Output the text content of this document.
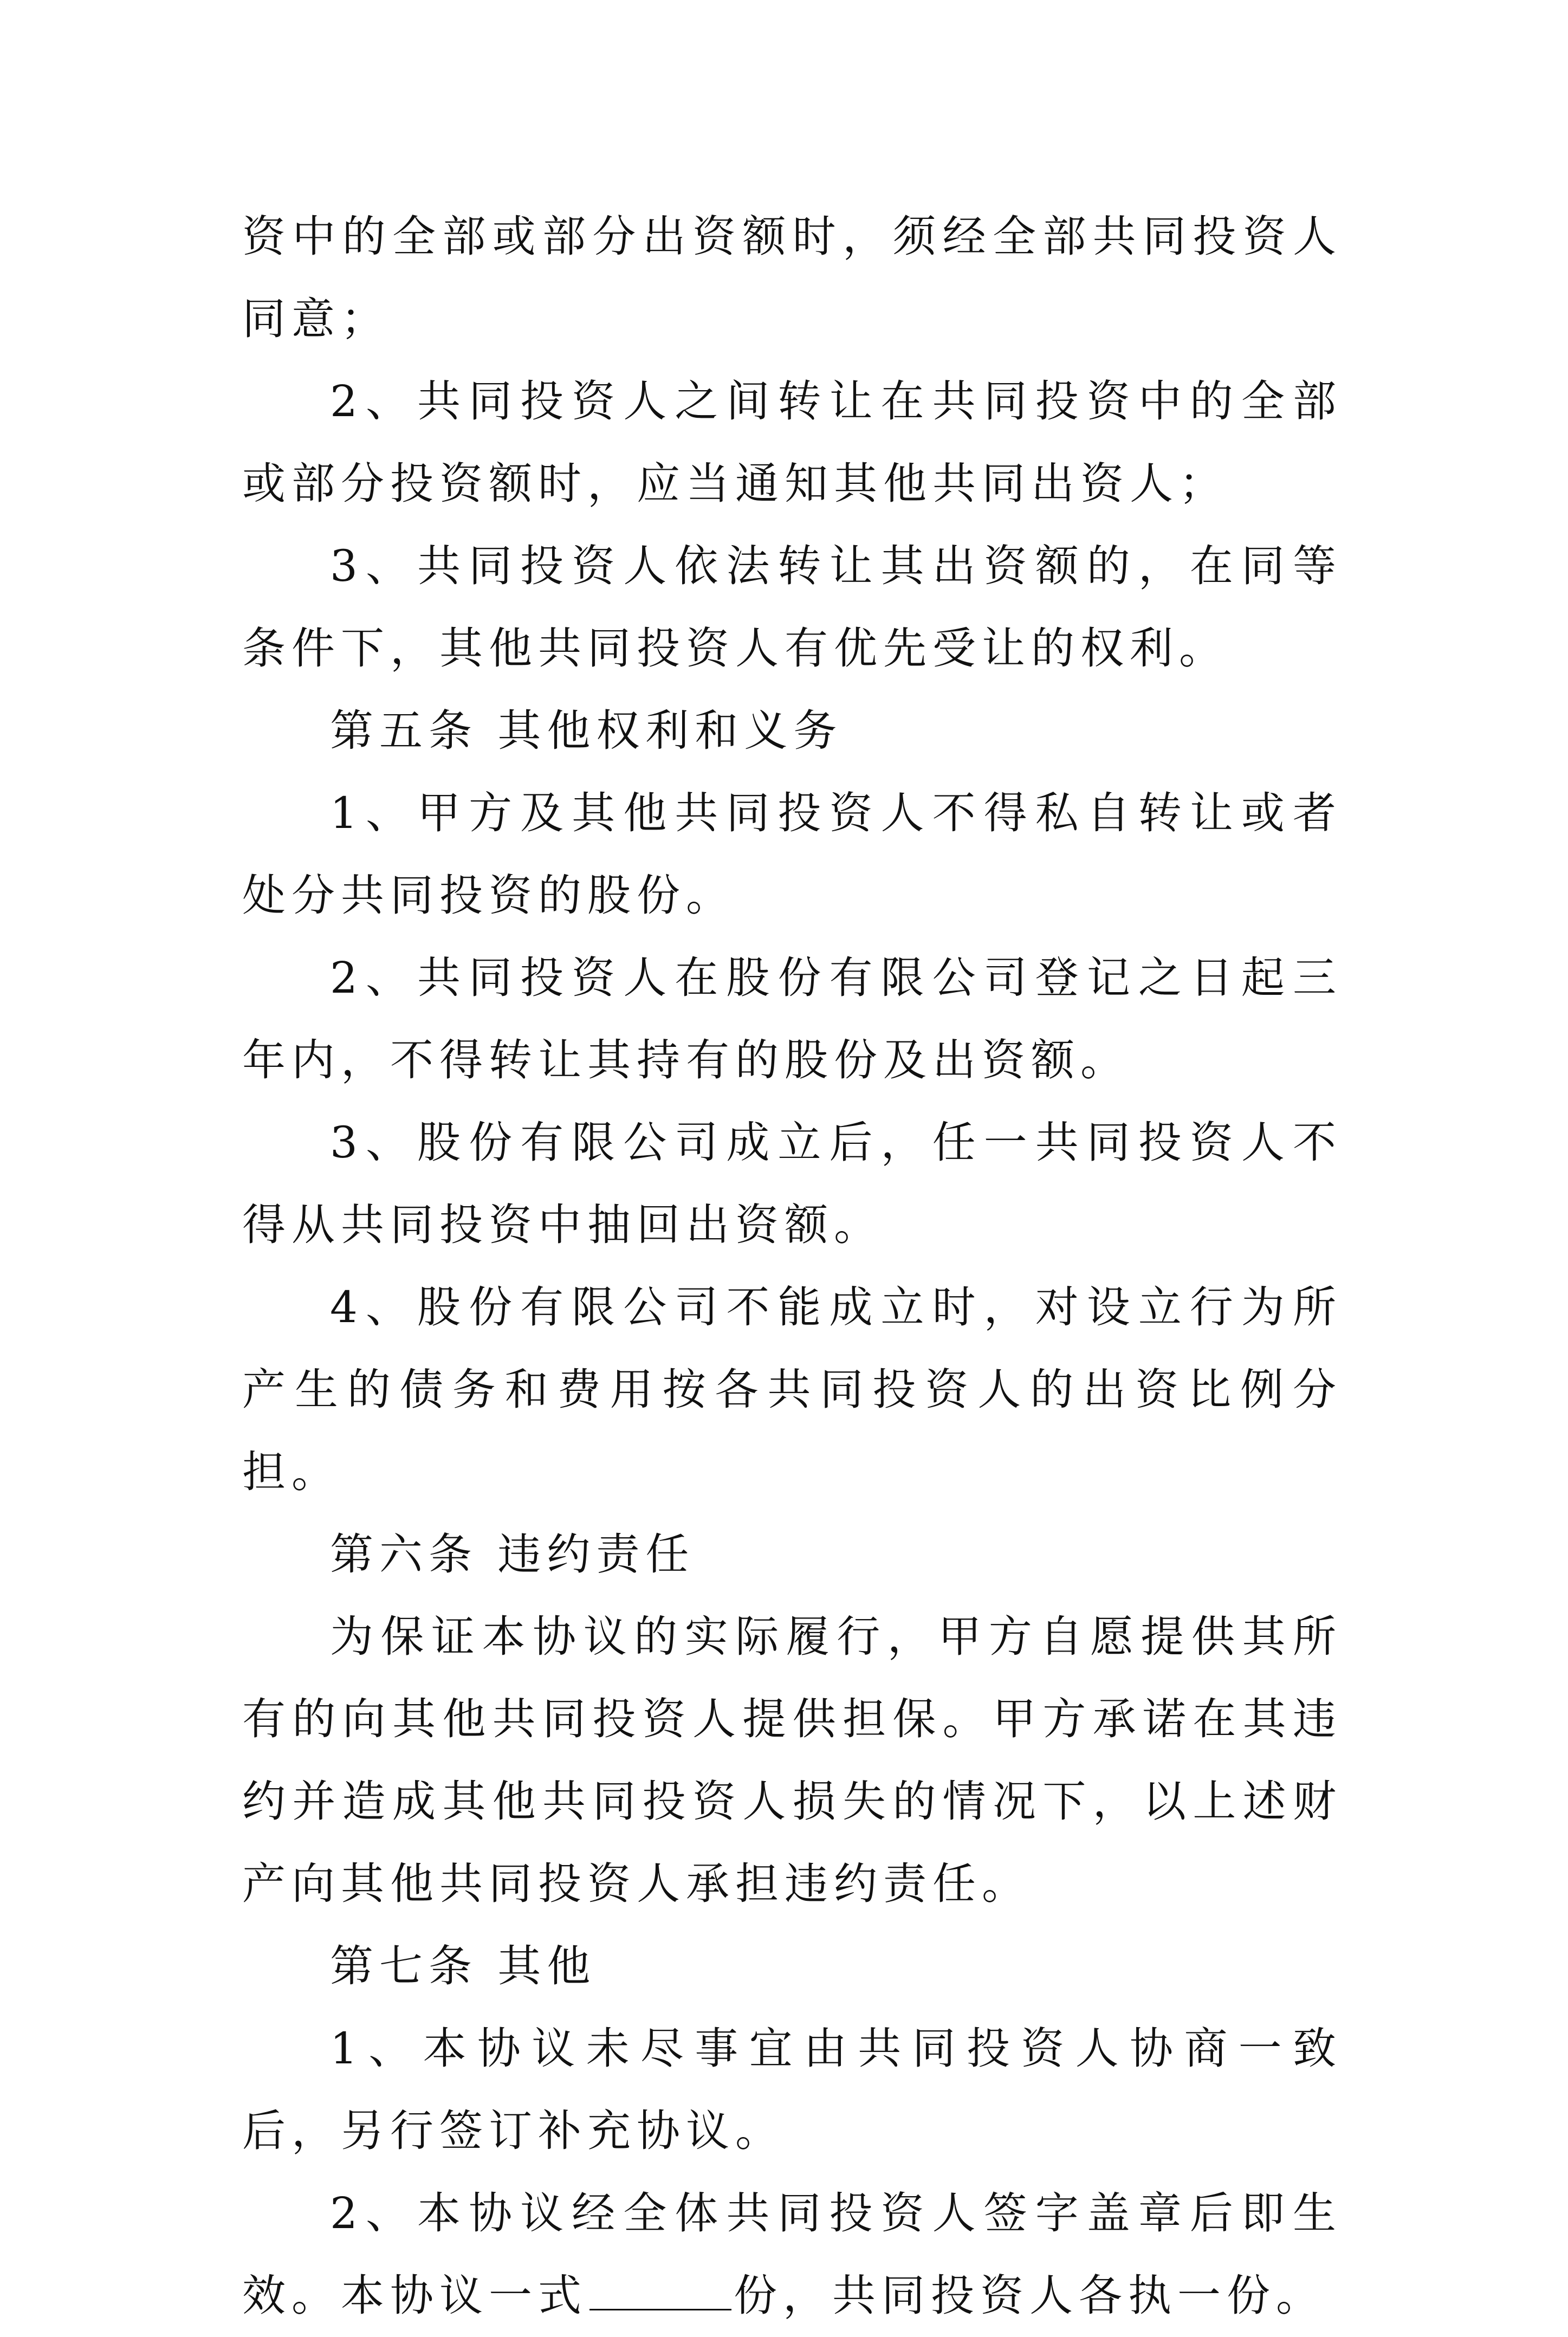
资中的全部或部分出资额时，须经全部共同投资人同意；

2、共同投资人之间转让在共同投资中的全部或部分投资额时，应当通知其他共同出资人；

3、共同投资人依法转让其出资额的，在同等条件下，其他共同投资人有优先受让的权利。

第五条 其他权利和义务

1、甲方及其他共同投资人不得私自转让或者处分共同投资的股份。

2、共同投资人在股份有限公司登记之日起三年内，不得转让其持有的股份及出资额。

3、股份有限公司成立后，任一共同投资人不得从共同投资中抽回出资额。

4、股份有限公司不能成立时，对设立行为所产生的债务和费用按各共同投资人的出资比例分担。

第六条 违约责任

为保证本协议的实际履行，甲方自愿提供其所有的向其他共同投资人提供担保。甲方承诺在其违约并造成其他共同投资人损失的情况下，以上述财产向其他共同投资人承担违约责任。

第七条 其他

1、本协议未尽事宜由共同投资人协商一致后，另行签订补充协议。

2、本协议经全体共同投资人签字盖章后即生效。本协议一式	份，共同投资人各执一份。
